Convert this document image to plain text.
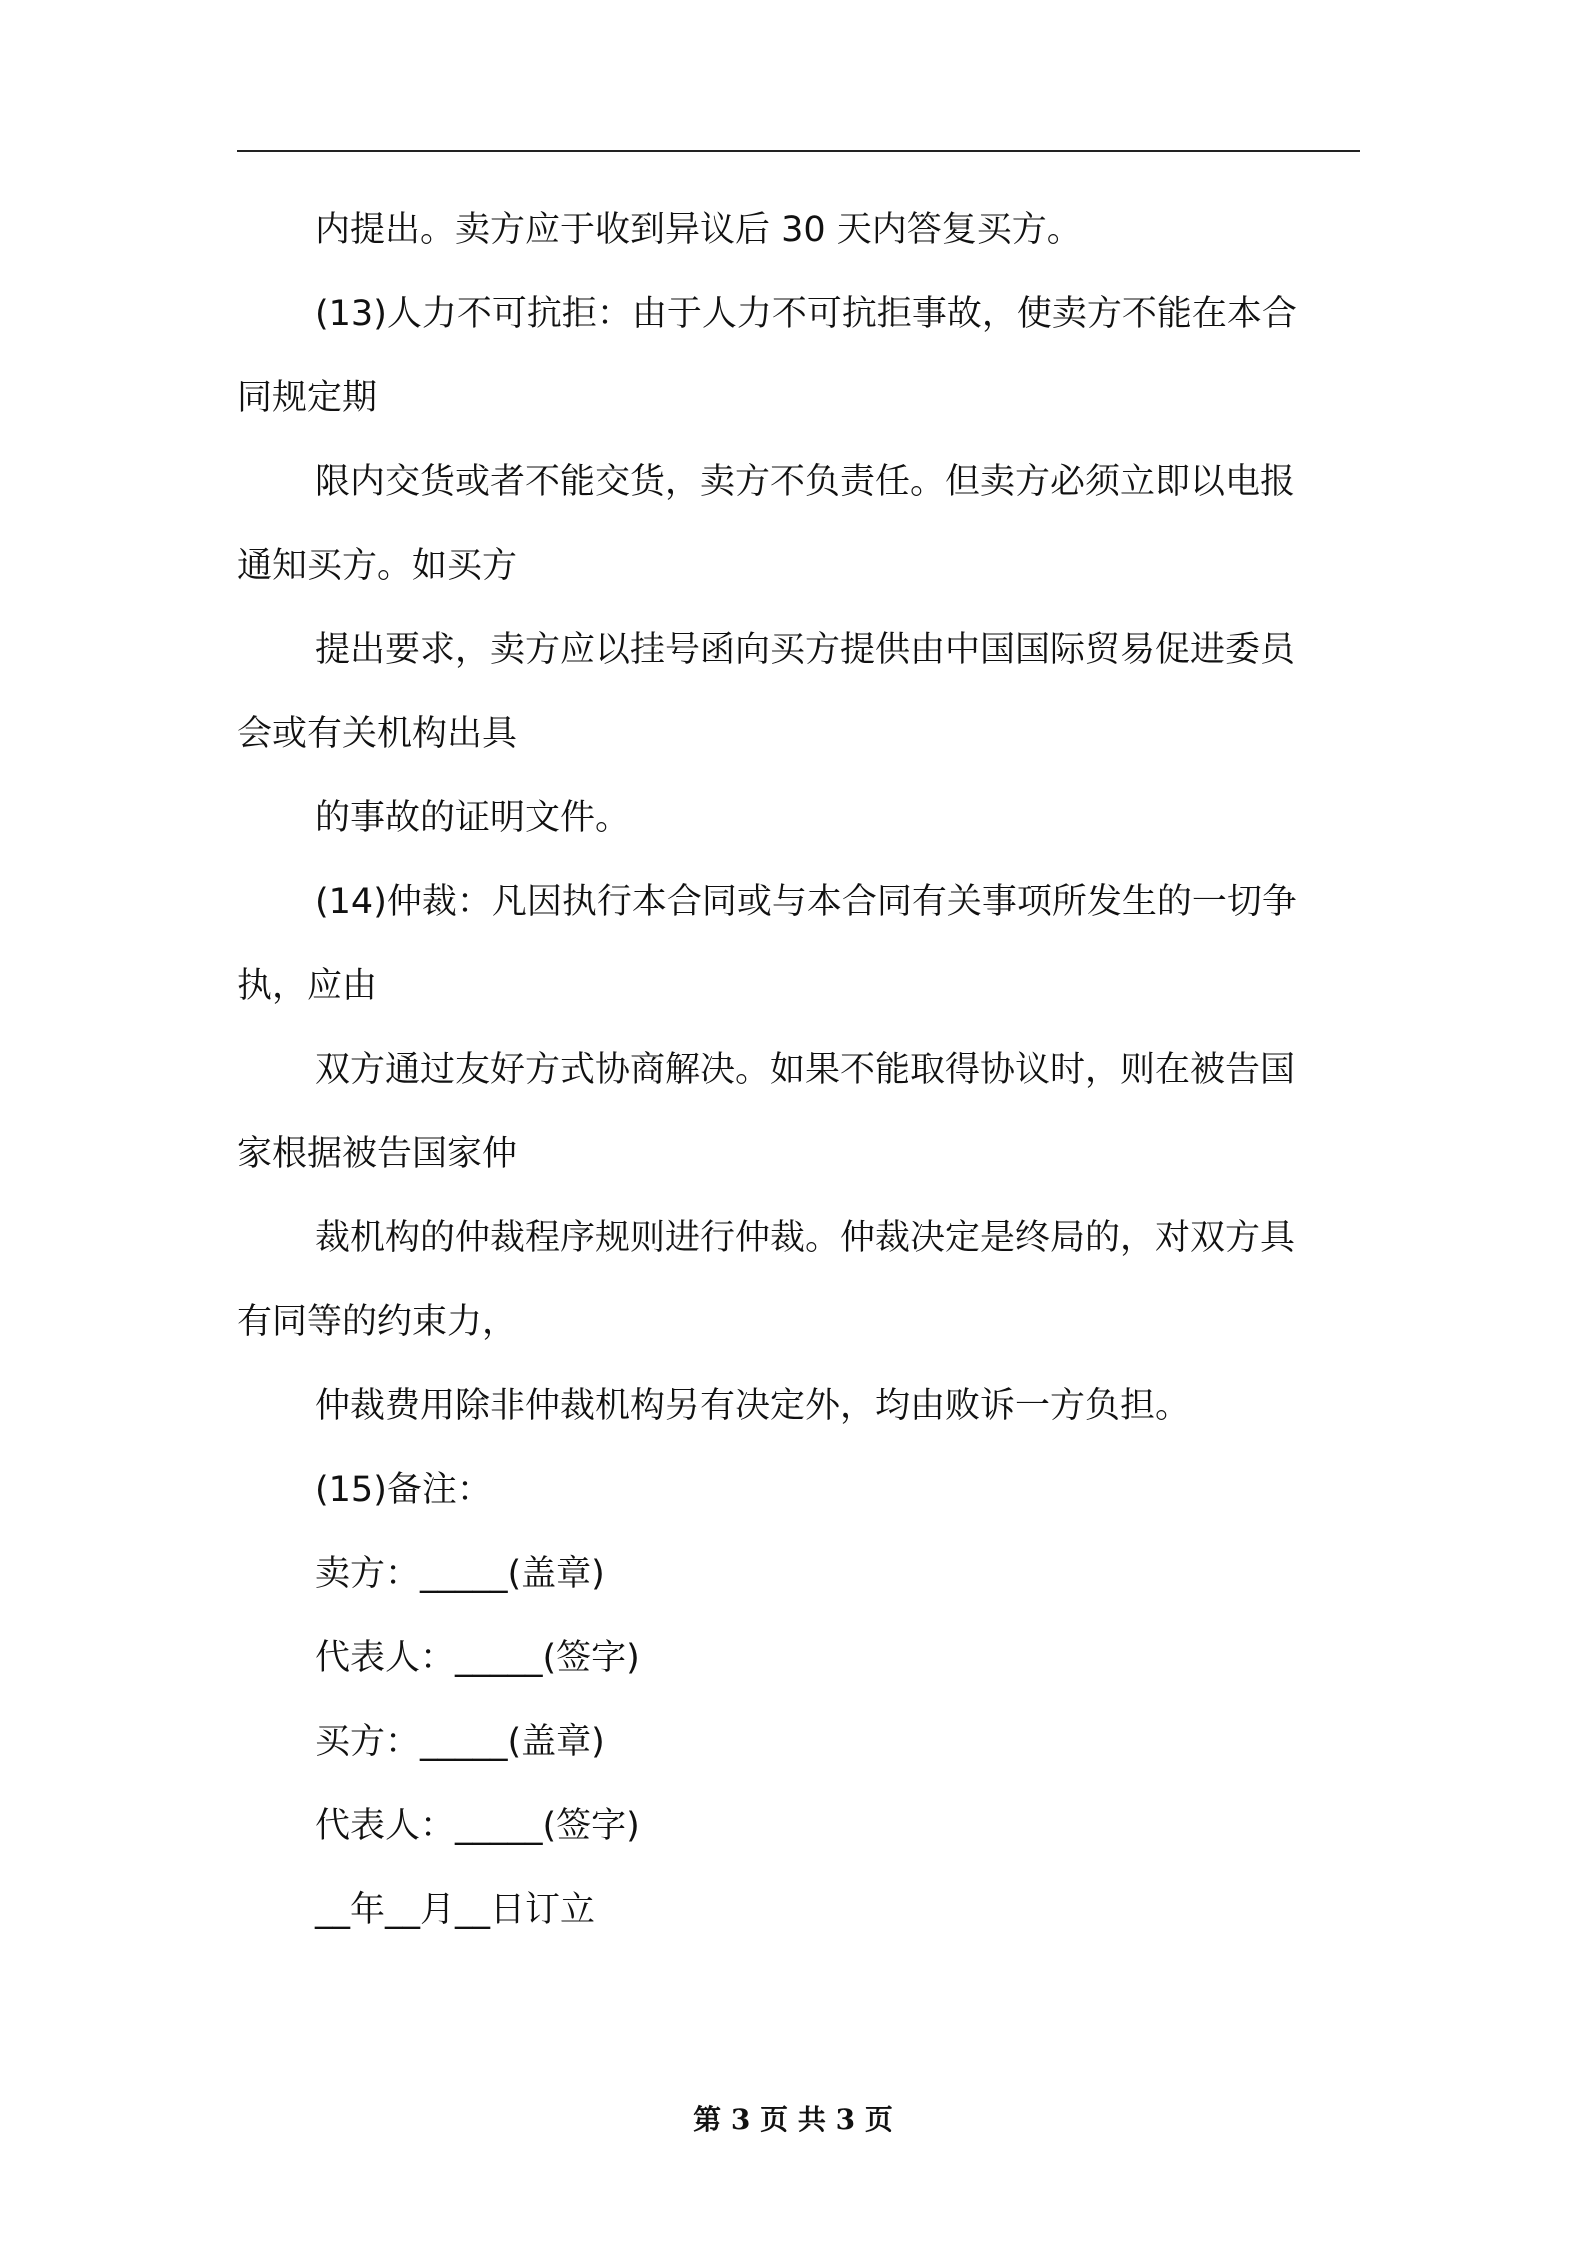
内提出。卖方应于收到异议后 30 天内答复买方。

(13)人力不可抗拒：由于人力不可抗拒事故，使卖方不能在本合
同规定期

限内交货或者不能交货，卖方不负责任。但卖方必须立即以电报
通知买方。如买方

提出要求，卖方应以挂号函向买方提供由中国国际贸易促进委员
会或有关机构出具

的事故的证明文件。

(14)仲裁：凡因执行本合同或与本合同有关事项所发生的一切争
执，应由

双方通过友好方式协商解决。如果不能取得协议时，则在被告国
家根据被告国家仲

裁机构的仲裁程序规则进行仲裁。仲裁决定是终局的，对双方具
有同等的约束力，

仲裁费用除非仲裁机构另有决定外，均由败诉一方负担。

(15)备注：

卖方：_____(盖章)

代表人：_____(签字)

买方：_____(盖章)

代表人：_____(签字)

__年__月__日订立

第 3 页 共 3 页
